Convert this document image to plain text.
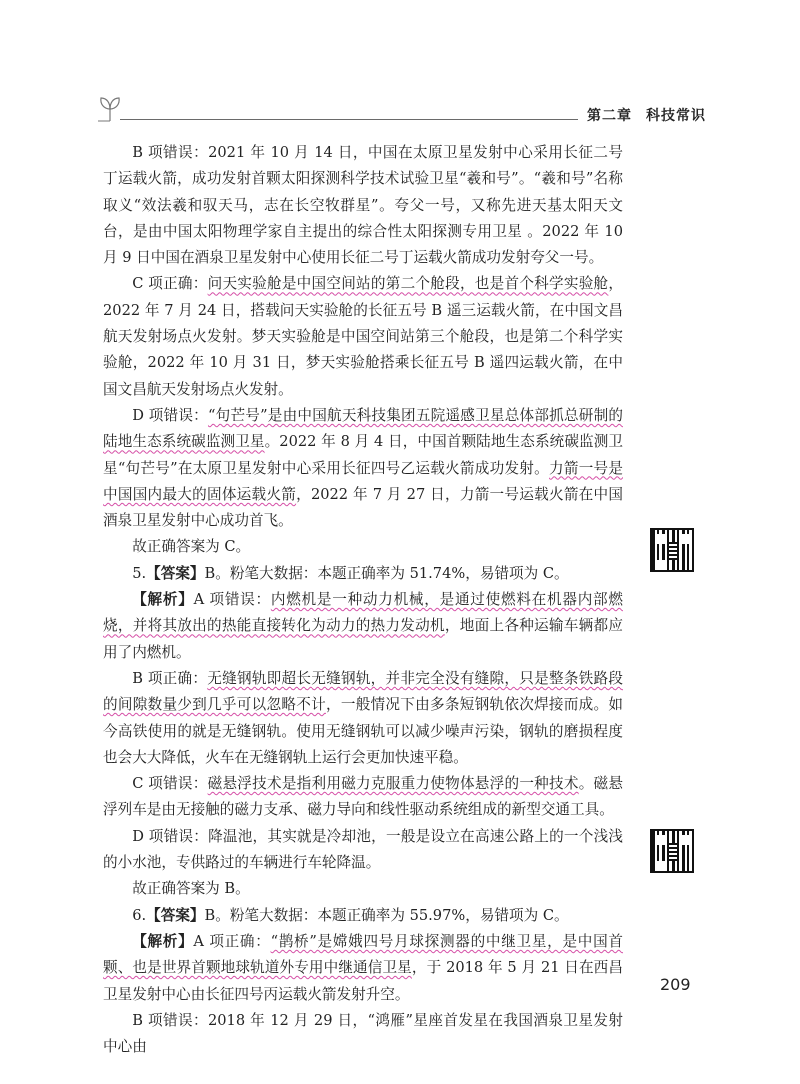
第二章 科技常识

B 项错误：2021 年 10 月 14 日，中国在太原卫星发射中心采用长征二号丁运载火箭，成功发射首颗太阳探测科学技术试验卫星“羲和号”。“羲和号”名称取义“效法羲和驭天马，志在长空牧群星”。夸父一号，又称先进天基太阳天文台，是由中国太阳物理学家自主提出的综合性太阳探测专用卫星 。2022 年 10 月 9 日中国在酒泉卫星发射中心使用长征二号丁运载火箭成功发射夸父一号。

C 项正确：问天实验舱是中国空间站的第二个舱段，也是首个科学实验舱，2022 年 7 月 24 日，搭载问天实验舱的长征五号 B 遥三运载火箭，在中国文昌航天发射场点火发射。梦天实验舱是中国空间站第三个舱段，也是第二个科学实验舱，2022 年 10 月 31 日，梦天实验舱搭乘长征五号 B 遥四运载火箭，在中国文昌航天发射场点火发射。

D 项错误：“句芒号”是由中国航天科技集团五院遥感卫星总体部抓总研制的陆地生态系统碳监测卫星。2022 年 8 月 4 日，中国首颗陆地生态系统碳监测卫星“句芒号”在太原卫星发射中心采用长征四号乙运载火箭成功发射。力箭一号是中国国内最大的固体运载火箭，2022 年 7 月 27 日，力箭一号运载火箭在中国酒泉卫星发射中心成功首飞。

故正确答案为 C。

5.【答案】B。粉笔大数据：本题正确率为 51.74%，易错项为 C。

【解析】A 项错误：内燃机是一种动力机械，是通过使燃料在机器内部燃烧，并将其放出的热能直接转化为动力的热力发动机，地面上各种运输车辆都应用了内燃机。

B 项正确：无缝钢轨即超长无缝钢轨，并非完全没有缝隙，只是整条铁路段的间隙数量少到几乎可以忽略不计，一般情况下由多条短钢轨依次焊接而成。如今高铁使用的就是无缝钢轨。使用无缝钢轨可以减少噪声污染，钢轨的磨损程度也会大大降低，火车在无缝钢轨上运行会更加快速平稳。

C 项错误：磁悬浮技术是指利用磁力克服重力使物体悬浮的一种技术。磁悬浮列车是由无接触的磁力支承、磁力导向和线性驱动系统组成的新型交通工具。

D 项错误：降温池，其实就是冷却池，一般是设立在高速公路上的一个浅浅的小水池，专供路过的车辆进行车轮降温。

故正确答案为 B。

6.【答案】B。粉笔大数据：本题正确率为 55.97%，易错项为 C。

【解析】A 项正确：“鹊桥”是嫦娥四号月球探测器的中继卫星，是中国首颗、也是世界首颗地球轨道外专用中继通信卫星，于 2018 年 5 月 21 日在西昌卫星发射中心由长征四号丙运载火箭发射升空。

B 项错误：2018 年 12 月 29 日，“鸿雁”星座首发星在我国酒泉卫星发射中心由

209
